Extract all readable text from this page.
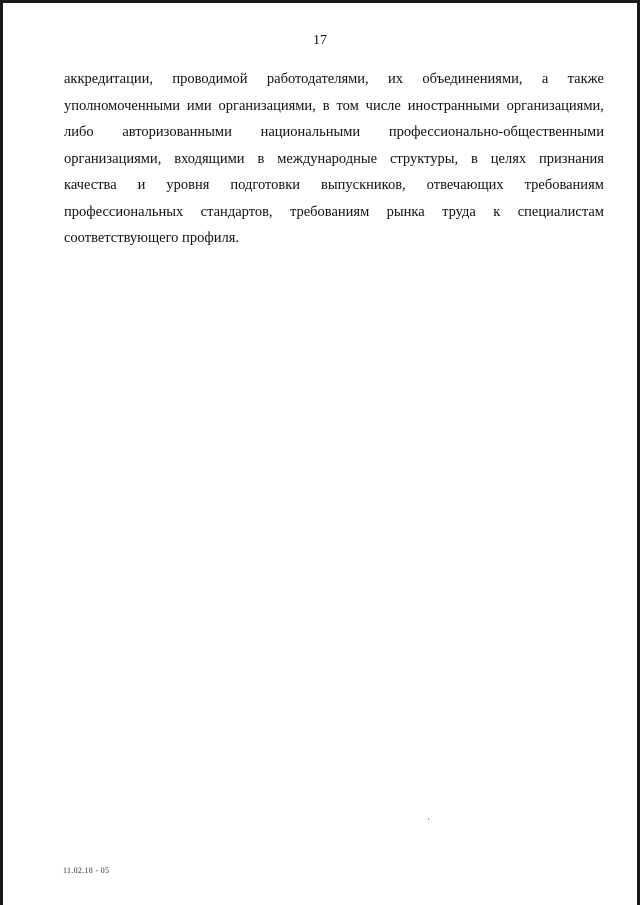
17
аккредитации, проводимой работодателями, их объединениями, а также
уполномоченными ими организациями, в том числе иностранными организациями,
либо авторизованными национальными профессионально-общественными
организациями, входящими в международные структуры, в целях признания
качества и уровня подготовки выпускников, отвечающих требованиям
профессиональных стандартов, требованиям рынка труда к специалистам
соответствующего профиля.
11.02.18 - 05
